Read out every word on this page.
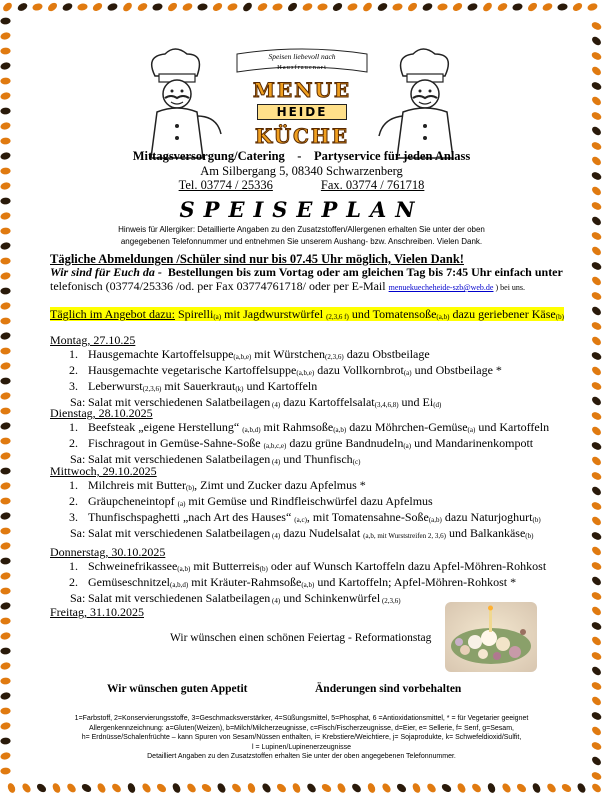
Speisen liebevoll nach
Hausfrauenart
MENUE
HEIDE
KÜCHE
Mittagsversorgung/Catering    -    Partyservice für jeden Anlass
Am Silbergang 5, 08340 Schwarzenberg
Tel. 03774 / 25336	Fax. 03774 / 761718
SPEISEPLAN
Hinweis für Allergiker: Detaillierte Angaben zu den Zusatzstoffen/Allergenen erhalten Sie unter der oben
angegebenen Telefonnummer und entnehmen Sie unserem Aushang- bzw. Anschreiben. Vielen Dank.
Tägliche Abmeldungen /Schüler sind nur bis 07.45 Uhr möglich, Vielen Dank!
Wir sind für Euch da -  Bestellungen bis zum Vortag oder am gleichen Tag bis 7:45 Uhr einfach unter
telefonisch (03774/25336 /od. per Fax 03774761718/ oder per E-Mail menuekuecheheide-szb@web.de ) bei uns.
Täglich im Angebot dazu: Spirelli$_{(a)}$ mit Jagdwurstwürfel $_{(2,3,6 f)}$ und Tomatensoße$_{(a,b)}$ dazu geriebener Käse$_{(b)}$
Montag, 27.10.25
1. Hausgemachte Kartoffelsuppe$_{(a,b,e)}$ mit Würstchen$_{(2,3,6)}$ dazu Obstbeilage
2. Hausgemachte vegetarische Kartoffelsuppe$_{(a,b,e)}$ dazu Vollkornbrot$_{(a)}$ und Obstbeilage *
3. Leberwurst$_{(2,3,6)}$ mit Sauerkraut$_{(k)}$ und Kartoffeln
Sa: Salat mit verschiedenen Salatbeilagen $_{(4)}$ dazu Kartoffelsalat$_{(3,4,6,8)}$ und $Ei_{(d)}$
Dienstag, 28.10.2025
1. Beefsteak „eigene Herstellung“ $_{(a,b,d)}$ mit Rahmsoße$_{(a,b)}$ dazu Möhrchen-Gemüse$_{(a)}$ und Kartoffeln
2. Fischragout in Gemüse-Sahne-Soße $_{(a,b,c,e)}$ dazu grüne Bandnudeln$_{(a)}$ und Mandarinenkompott
Sa: Salat mit verschiedenen Salatbeilagen $_{(4)}$ und Thunfisch$_{(c)}$
Mittwoch, 29.10.2025
1. Milchreis mit Butter$_{(b)}$, Zimt und Zucker dazu Apfelmus *
2. Gräupcheneintopf $_{(a)}$ mit Gemüse und Rindfleischwürfel dazu Apfelmus
3. Thunfischspaghetti „nach Art des Hauses“ $_{(a,c)}$, mit Tomatensahne-Soße$_{(a,b)}$ dazu Naturjoghurt$_{(b)}$
Sa: Salat mit verschiedenen Salatbeilagen $_{(4)}$ dazu Nudelsalat $_{(a,b, mit Wurststreifen 2, 3,6)}$ und Balkankäse$_{(b)}$
Donnerstag, 30.10.2025
1. Schweinefrikassee$_{(a,b)}$ mit Butterreis$_{(b)}$ oder auf Wunsch Kartoffeln dazu Apfel-Möhren-Rohkost
2. Gemüseschnitzel$_{(a,b,d)}$ mit Kräuter-Rahmsoße$_{(a,b)}$ und Kartoffeln; Apfel-Möhren-Rohkost *
Sa: Salat mit verschiedenen Salatbeilagen $_{(4)}$ und Schinkenwürfel $_{(2,3,6)}$
Freitag, 31.10.2025
Wir wünschen einen schönen Feiertag - Reformationstag
Wir wünschen guten Appetit	Änderungen sind vorbehalten
1=Farbstoff, 2=Konservierungsstoffe, 3=Geschmacksverstärker, 4=Süßungsmittel, 5=Phosphat, 6 =Antioxidationsmittel, * = für Vegetarier geeignet
Allergenkennzeichnung: a=Gluten(Weizen), b=Milch/Milcherzeugnisse, c=Fisch/Fischerzeugnisse, d=Eier, e= Sellerie, f= Senf, g=Sesam,
h= Erdnüsse/Schalenfrüchte – kann Spuren von Sesam/Nüssen enthalten, i= Krebstiere/Weichtiere, j= Sojaprodukte, k= Schwefeldioxid/Sulfit,
l = Lupinen/Lupinenerzeugnisse
Detailliert Angaben zu den Zusatzstoffen erhalten Sie unter der oben angegebenen Telefonnummer.
